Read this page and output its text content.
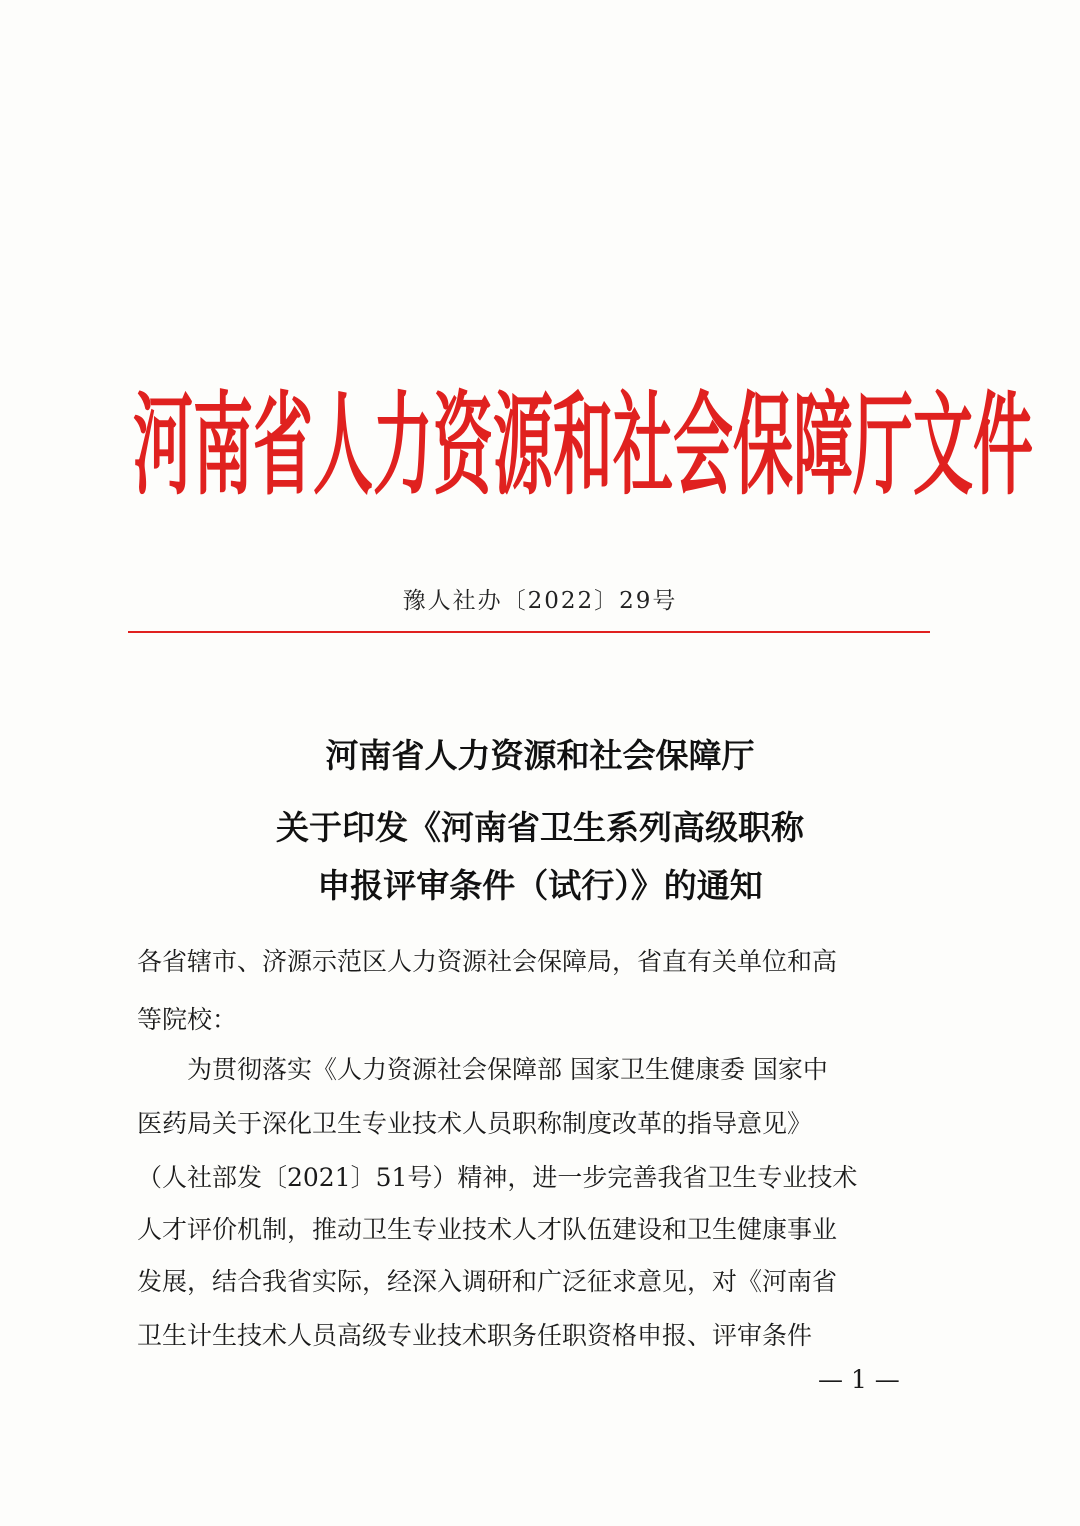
河南省人力资源和社会保障厅文件
豫人社办〔2022〕29号
河南省人力资源和社会保障厅
关于印发《河南省卫生系列高级职称
申报评审条件（试行）》的通知
各省辖市、济源示范区人力资源社会保障局，省直有关单位和高
等院校：
为贯彻落实《人力资源社会保障部 国家卫生健康委 国家中
医药局关于深化卫生专业技术人员职称制度改革的指导意见》
（人社部发〔2021〕51号）精神，进一步完善我省卫生专业技术
人才评价机制，推动卫生专业技术人才队伍建设和卫生健康事业
发展，结合我省实际，经深入调研和广泛征求意见，对《河南省
卫生计生技术人员高级专业技术职务任职资格申报、评审条件
— 1 —
